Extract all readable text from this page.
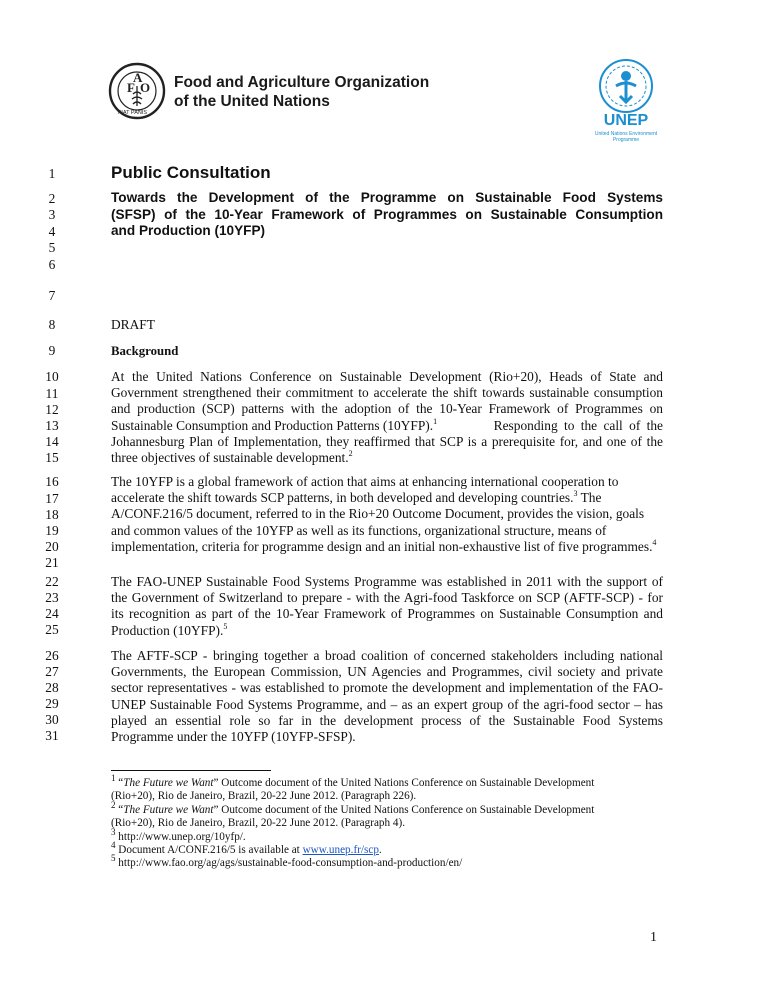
F
A
O
FIAT PANIS
Food and Agriculture Organization
of the United Nations
UNEP
United Nations Environment Programme
1
2
3
4
5
6
7
8
9
10
11
12
13
14
15
16
17
18
19
20
21
22
23
24
25
26
27
28
29
30
31
Public Consultation
Towards the Development of the Programme on Sustainable Food Systems
(SFSP) of the 10-Year Framework of Programmes on Sustainable Consumption
and Production (10YFP)
DRAFT
Background
At the United Nations Conference on Sustainable Development (Rio+20), Heads of State and
Government strengthened their commitment to accelerate the shift towards sustainable consumption
and production (SCP) patterns with the adoption of the 10-Year Framework of Programmes on
Sustainable Consumption and Production Patterns (10YFP).$^1$	Responding to the call of the
Johannesburg Plan of Implementation, they reaffirmed that SCP is a prerequisite for, and one of the
three objectives of sustainable development.$^2$
The 10YFP is a global framework of action that aims at enhancing international cooperation to
accelerate the shift towards SCP patterns, in both developed and developing countries.$^3$ The
A/CONF.216/5 document, referred to in the Rio+20 Outcome Document, provides the vision, goals
and common values of the 10YFP as well as its functions, organizational structure, means of
implementation, criteria for programme design and an initial non-exhaustive list of five programmes.$^4$
The FAO-UNEP Sustainable Food Systems Programme was established in 2011 with the support of
the Government of Switzerland to prepare - with the Agri-food Taskforce on SCP (AFTF-SCP) - for
its recognition as part of the 10-Year Framework of Programmes on Sustainable Consumption and
Production (10YFP).$^5$
The AFTF-SCP - bringing together a broad coalition of concerned stakeholders including national
Governments, the European Commission, UN Agencies and Programmes, civil society and private
sector representatives - was established to promote the development and implementation of the FAO-
UNEP Sustainable Food Systems Programme, and – as an expert group of the agri-food sector – has
played an essential role so far in the development process of the Sustainable Food Systems
Programme under the 10YFP (10YFP-SFSP).
$^1$ “The Future we Want” Outcome document of the United Nations Conference on Sustainable Development
(Rio+20), Rio de Janeiro, Brazil, 20-22 June 2012. (Paragraph 226).
$^2$ “The Future we Want” Outcome document of the United Nations Conference on Sustainable Development
(Rio+20), Rio de Janeiro, Brazil, 20-22 June 2012. (Paragraph 4).
$^3$ http://www.unep.org/10yfp/.
$^4$ Document A/CONF.216/5 is available at www.unep.fr/scp.
$^5$ http://www.fao.org/ag/ags/sustainable-food-consumption-and-production/en/
1
